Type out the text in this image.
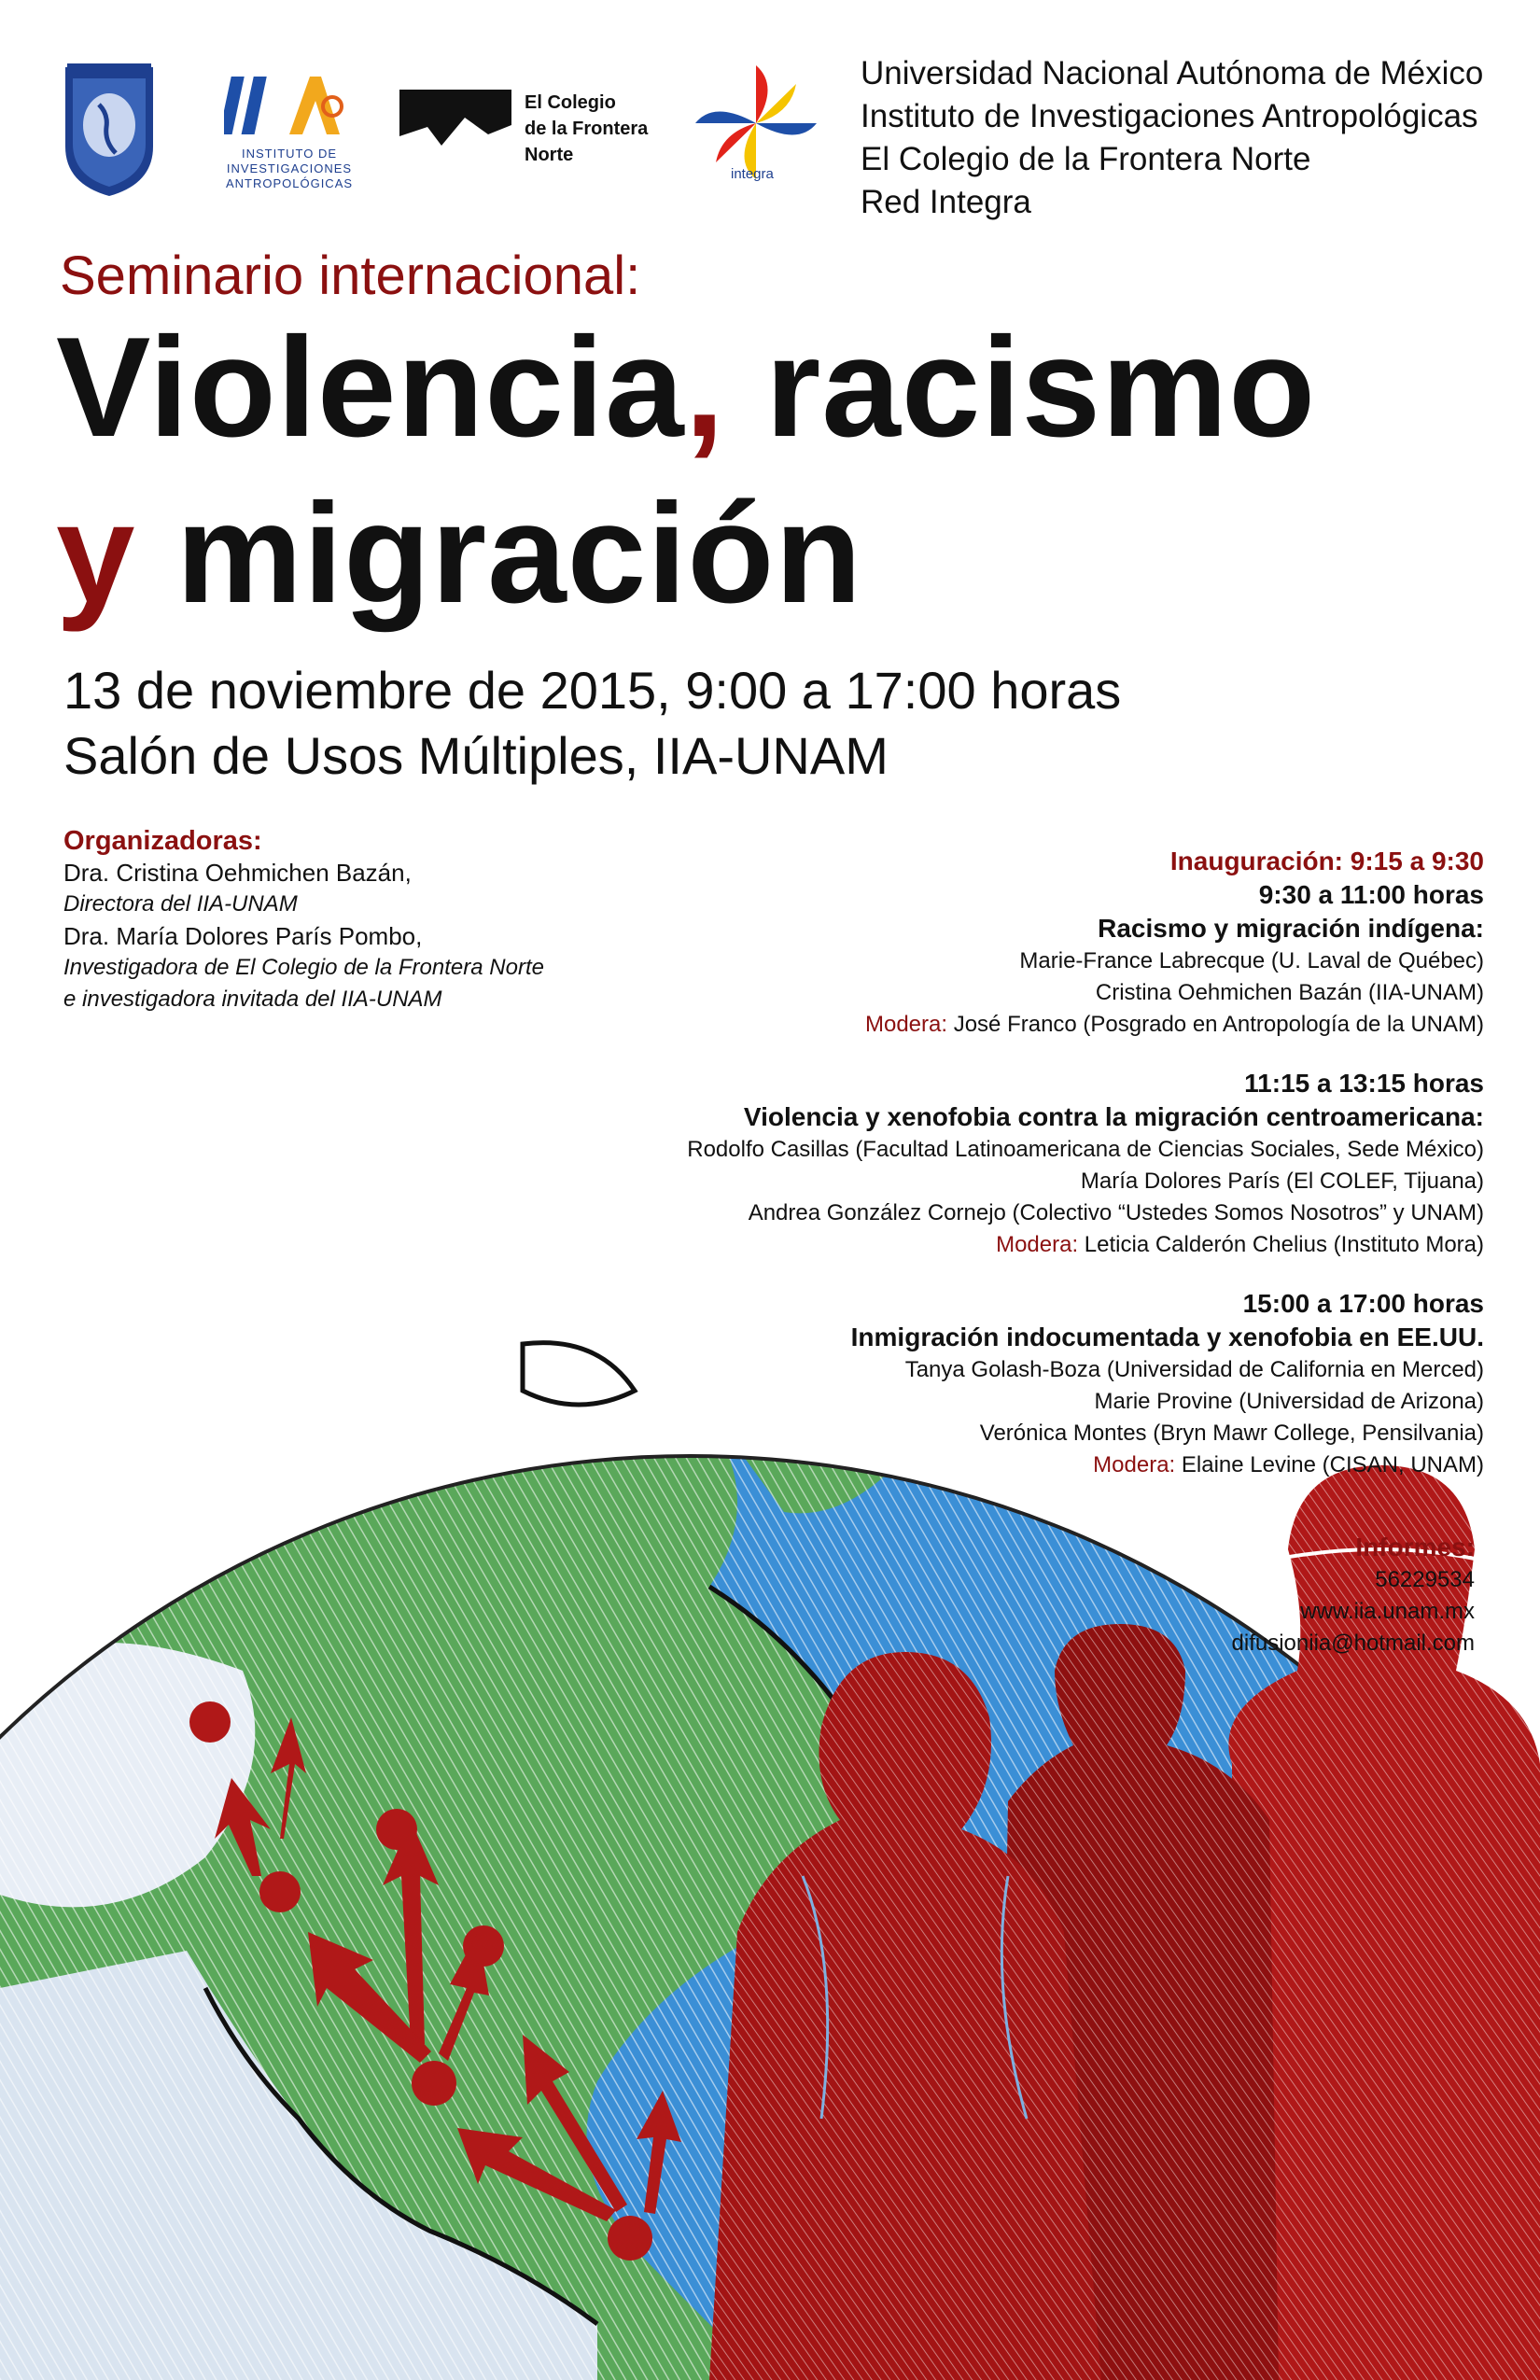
INSTITUTO DE
INVESTIGACIONES
ANTROPOLÓGICAS
El Colegio
de la Frontera
Norte
integra
Universidad Nacional Autónoma de México
Instituto de Investigaciones Antropológicas
El Colegio de la Frontera Norte
Red Integra
Seminario internacional:
Violencia, racismo
y migración
13 de noviembre de 2015, 9:00 a 17:00 horas
Salón de Usos Múltiples, IIA-UNAM
Organizadoras:
Dra. Cristina Oehmichen Bazán,
Directora del IIA-UNAM
Dra. María Dolores París Pombo,
Investigadora de El Colegio de la Frontera Norte
e investigadora invitada del IIA-UNAM
Inauguración: 9:15 a 9:30
9:30 a 11:00 horas
Racismo y migración indígena:
Marie-France Labrecque (U. Laval de Québec)
Cristina Oehmichen Bazán (IIA-UNAM)
Modera: José Franco (Posgrado en Antropología de la UNAM)
11:15 a 13:15 horas
Violencia y xenofobia contra la migración centroamericana:
Rodolfo Casillas (Facultad Latinoamericana de Ciencias Sociales, Sede México)
María Dolores París (El COLEF, Tijuana)
Andrea González Cornejo (Colectivo “Ustedes Somos Nosotros” y UNAM)
Modera: Leticia Calderón Chelius (Instituto Mora)
15:00 a 17:00 horas
Inmigración indocumentada y xenofobia en EE.UU.
Tanya Golash-Boza (Universidad de California en Merced)
Marie Provine (Universidad de Arizona)
Verónica Montes (Bryn Mawr College, Pensilvania)
Modera: Elaine Levine (CISAN, UNAM)
Informes:
56229534
www.iia.unam.mx
difusioniia@hotmail.com
